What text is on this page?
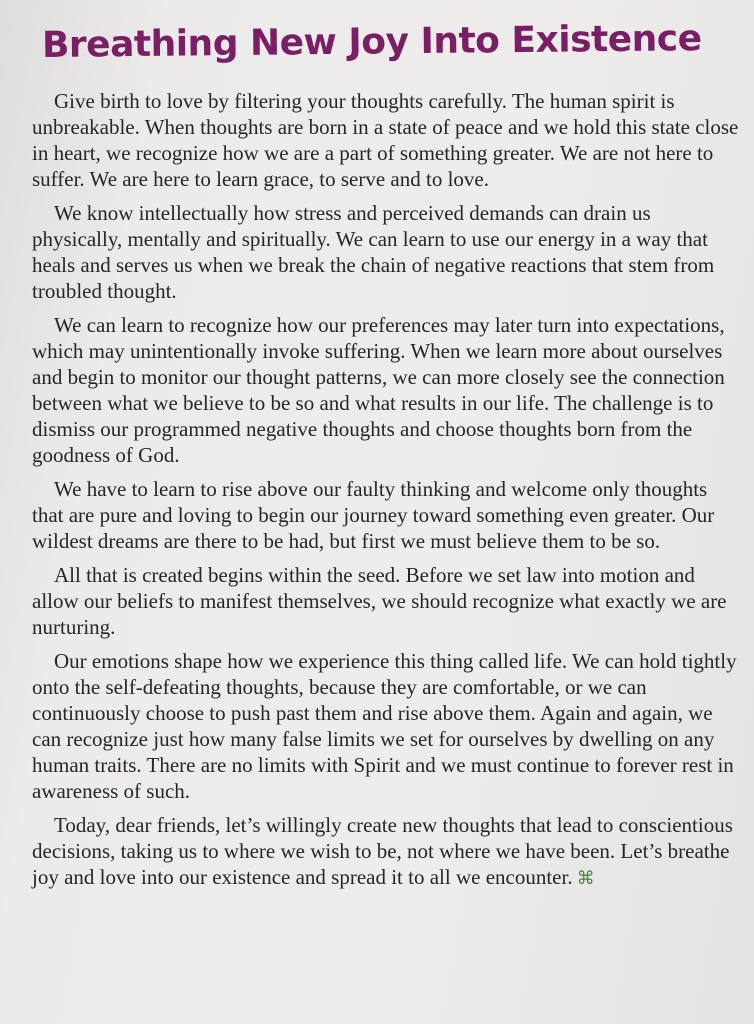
Breathing New Joy Into Existence

Give birth to love by filtering your thoughts carefully. The human spirit is unbreakable. When thoughts are born in a state of peace and we hold this state close in heart, we recognize how we are a part of something greater. We are not here to suffer. We are here to learn grace, to serve and to love.

We know intellectually how stress and perceived demands can drain us physically, mentally and spiritually. We can learn to use our energy in a way that heals and serves us when we break the chain of negative reactions that stem from troubled thought.

We can learn to recognize how our preferences may later turn into expectations, which may unintentionally invoke suffering. When we learn more about ourselves and begin to monitor our thought patterns, we can more closely see the connection between what we believe to be so and what results in our life. The challenge is to dismiss our programmed negative thoughts and choose thoughts born from the goodness of God.

We have to learn to rise above our faulty thinking and welcome only thoughts that are pure and loving to begin our journey toward something even greater. Our wildest dreams are there to be had, but first we must believe them to be so.

All that is created begins within the seed. Before we set law into motion and allow our beliefs to manifest themselves, we should recognize what exactly we are nurturing.

Our emotions shape how we experience this thing called life. We can hold tightly onto the self-defeating thoughts, because they are comfortable, or we can continuously choose to push past them and rise above them. Again and again, we can recognize just how many false limits we set for ourselves by dwelling on any human traits. There are no limits with Spirit and we must continue to forever rest in awareness of such.

Today, dear friends, let’s willingly create new thoughts that lead to conscientious decisions, taking us to where we wish to be, not where we have been. Let’s breathe joy and love into our existence and spread it to all we encounter. ⌘
